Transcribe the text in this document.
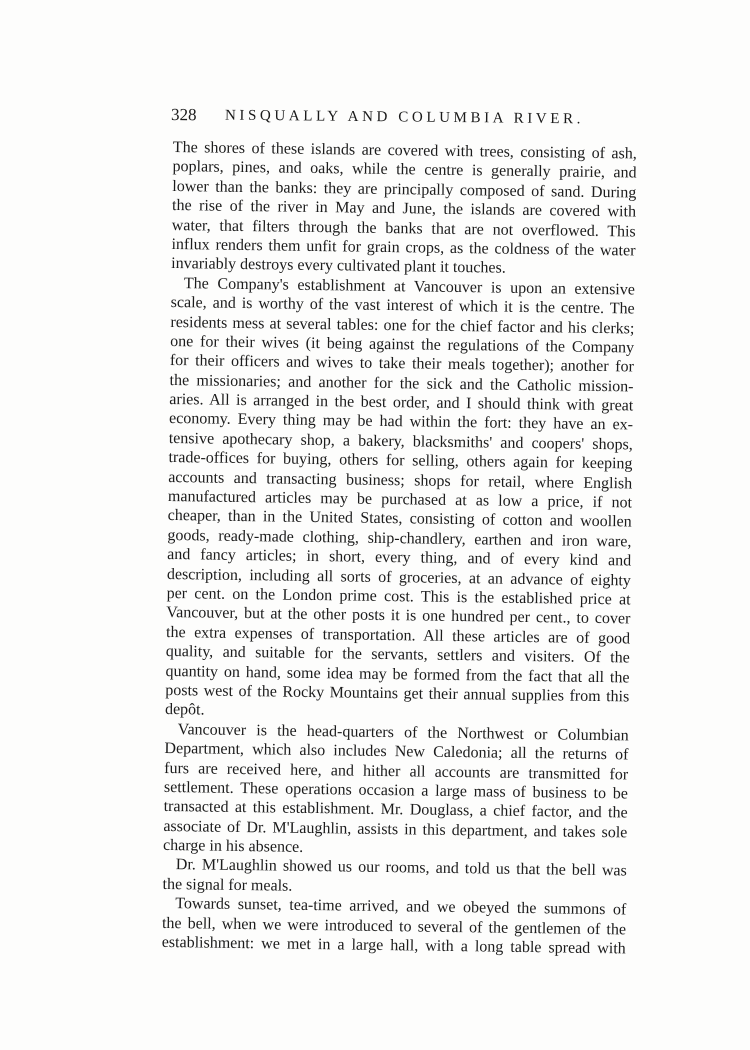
328 NISQUALLY AND COLUMBIA RIVER.
The shores of these islands are covered with trees, consisting of ash,
poplars, pines, and oaks, while the centre is generally prairie, and
lower than the banks: they are principally composed of sand. During
the rise of the river in May and June, the islands are covered with
water, that filters through the banks that are not overflowed. This
influx renders them unfit for grain crops, as the coldness of the water
invariably destroys every cultivated plant it touches.
The Company's establishment at Vancouver is upon an extensive
scale, and is worthy of the vast interest of which it is the centre. The
residents mess at several tables: one for the chief factor and his clerks;
one for their wives (it being against the regulations of the Company
for their officers and wives to take their meals together); another for
the missionaries; and another for the sick and the Catholic mission-
aries. All is arranged in the best order, and I should think with great
economy. Every thing may be had within the fort: they have an ex-
tensive apothecary shop, a bakery, blacksmiths' and coopers' shops,
trade-offices for buying, others for selling, others again for keeping
accounts and transacting business; shops for retail, where English
manufactured articles may be purchased at as low a price, if not
cheaper, than in the United States, consisting of cotton and woollen
goods, ready-made clothing, ship-chandlery, earthen and iron ware,
and fancy articles; in short, every thing, and of every kind and
description, including all sorts of groceries, at an advance of eighty
per cent. on the London prime cost. This is the established price at
Vancouver, but at the other posts it is one hundred per cent., to cover
the extra expenses of transportation. All these articles are of good
quality, and suitable for the servants, settlers and visiters. Of the
quantity on hand, some idea may be formed from the fact that all the
posts west of the Rocky Mountains get their annual supplies from this
depôt.
Vancouver is the head-quarters of the Northwest or Columbian
Department, which also includes New Caledonia; all the returns of
furs are received here, and hither all accounts are transmitted for
settlement. These operations occasion a large mass of business to be
transacted at this establishment. Mr. Douglass, a chief factor, and the
associate of Dr. M'Laughlin, assists in this department, and takes sole
charge in his absence.
Dr. M'Laughlin showed us our rooms, and told us that the bell was
the signal for meals.
Towards sunset, tea-time arrived, and we obeyed the summons of
the bell, when we were introduced to several of the gentlemen of the
establishment: we met in a large hall, with a long table spread with
